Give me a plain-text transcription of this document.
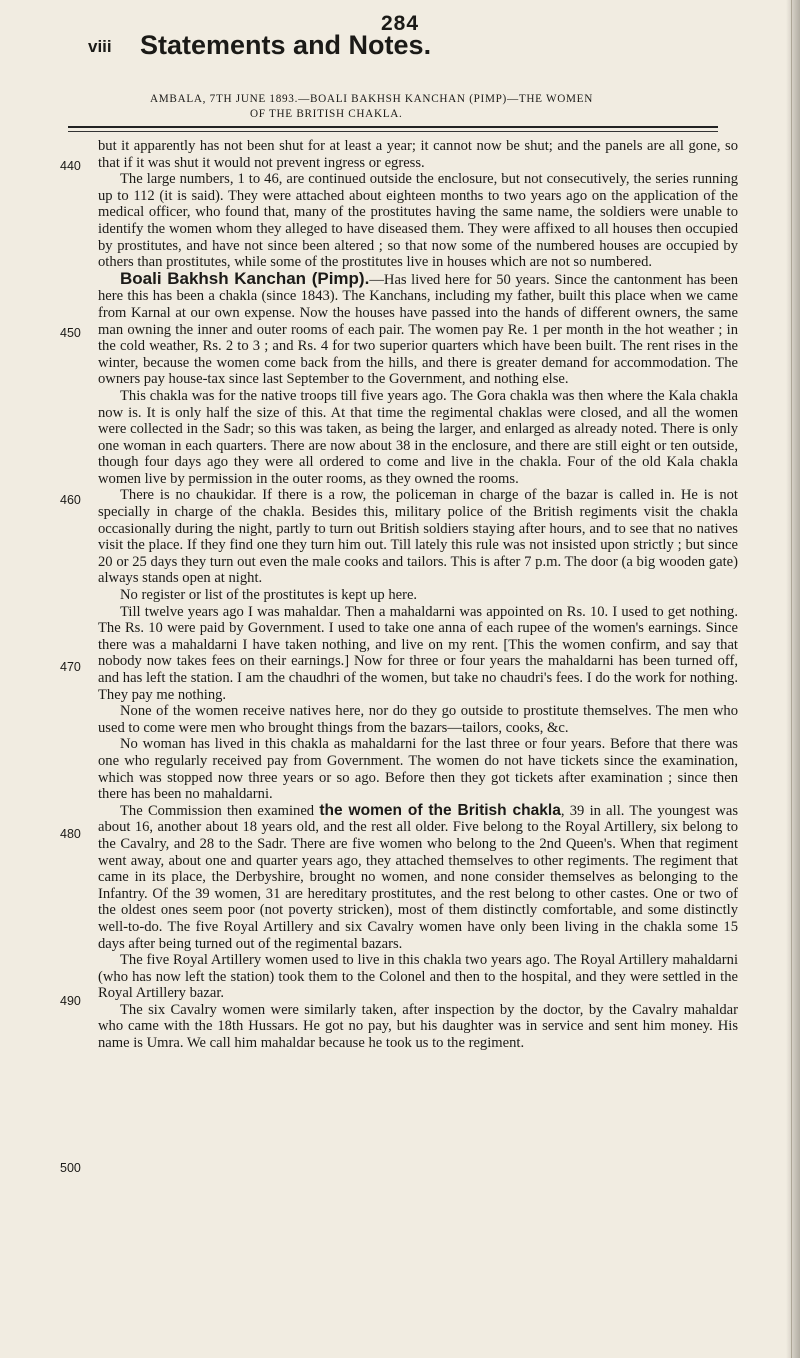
284
viii Statements and Notes.
AMBALA, 7TH JUNE 1893.—BOALI BAKHSH KANCHAN (PIMP)—THE WOMEN
OF THE BRITISH CHAKLA.
440
450
460
470
480
490
500

but it apparently has not been shut for at least a year; it cannot now be shut; and the panels are all gone, so that if it was shut it would not prevent ingress or egress.

The large numbers, 1 to 46, are continued outside the enclosure, but not consecutively, the series running up to 112 (it is said). They were attached about eighteen months to two years ago on the application of the medical officer, who found that, many of the prostitutes having the same name, the soldiers were unable to identify the women whom they alleged to have diseased them. They were affixed to all houses then occupied by prostitutes, and have not since been altered ; so that now some of the numbered houses are occupied by others than prostitutes, while some of the prostitutes live in houses which are not so numbered.

Boali Bakhsh Kanchan (Pimp).—Has lived here for 50 years. Since the cantonment has been here this has been a chakla (since 1843). The Kanchans, including my father, built this place when we came from Karnal at our own expense. Now the houses have passed into the hands of different owners, the same man owning the inner and outer rooms of each pair. The women pay Re. 1 per month in the hot weather ; in the cold weather, Rs. 2 to 3 ; and Rs. 4 for two superior quarters which have been built. The rent rises in the winter, because the women come back from the hills, and there is greater demand for accommodation. The owners pay house-tax since last September to the Government, and nothing else.

This chakla was for the native troops till five years ago. The Gora chakla was then where the Kala chakla now is. It is only half the size of this. At that time the regimental chaklas were closed, and all the women were collected in the Sadr; so this was taken, as being the larger, and enlarged as already noted. There is only one woman in each quarters. There are now about 38 in the enclosure, and there are still eight or ten outside, though four days ago they were all ordered to come and live in the chakla. Four of the old Kala chakla women live by permission in the outer rooms, as they owned the rooms.

There is no chaukidar. If there is a row, the policeman in charge of the bazar is called in. He is not specially in charge of the chakla. Besides this, military police of the British regiments visit the chakla occasionally during the night, partly to turn out British soldiers staying after hours, and to see that no natives visit the place. If they find one they turn him out. Till lately this rule was not insisted upon strictly ; but since 20 or 25 days they turn out even the male cooks and tailors. This is after 7 p.m. The door (a big wooden gate) always stands open at night.

No register or list of the prostitutes is kept up here.

Till twelve years ago I was mahaldar. Then a mahaldarni was appointed on Rs. 10. I used to get nothing. The Rs. 10 were paid by Government. I used to take one anna of each rupee of the women's earnings. Since there was a mahaldarni I have taken nothing, and live on my rent. [This the women confirm, and say that nobody now takes fees on their earnings.] Now for three or four years the mahaldarni has been turned off, and has left the station. I am the chaudhri of the women, but take no chaudri's fees. I do the work for nothing. They pay me nothing.

None of the women receive natives here, nor do they go outside to prostitute themselves. The men who used to come were men who brought things from the bazars—tailors, cooks, &c.

No woman has lived in this chakla as mahaldarni for the last three or four years. Before that there was one who regularly received pay from Government. The women do not have tickets since the examination, which was stopped now three years or so ago. Before then they got tickets after examination ; since then there has been no mahaldarni.

The Commission then examined the women of the British chakla, 39 in all. The youngest was about 16, another about 18 years old, and the rest all older. Five belong to the Royal Artillery, six belong to the Cavalry, and 28 to the Sadr. There are five women who belong to the 2nd Queen's. When that regiment went away, about one and quarter years ago, they attached themselves to other regiments. The regiment that came in its place, the Derbyshire, brought no women, and none consider themselves as belonging to the Infantry. Of the 39 women, 31 are hereditary prostitutes, and the rest belong to other castes. One or two of the oldest ones seem poor (not poverty stricken), most of them distinctly comfortable, and some distinctly well-to-do. The five Royal Artillery and six Cavalry women have only been living in the chakla some 15 days after being turned out of the regimental bazars.

The five Royal Artillery women used to live in this chakla two years ago. The Royal Artillery mahaldarni (who has now left the station) took them to the Colonel and then to the hospital, and they were settled in the Royal Artillery bazar.

The six Cavalry women were similarly taken, after inspection by the doctor, by the Cavalry mahaldar who came with the 18th Hussars. He got no pay, but his daughter was in service and sent him money. His name is Umra. We call him mahaldar because he took us to the regiment.
